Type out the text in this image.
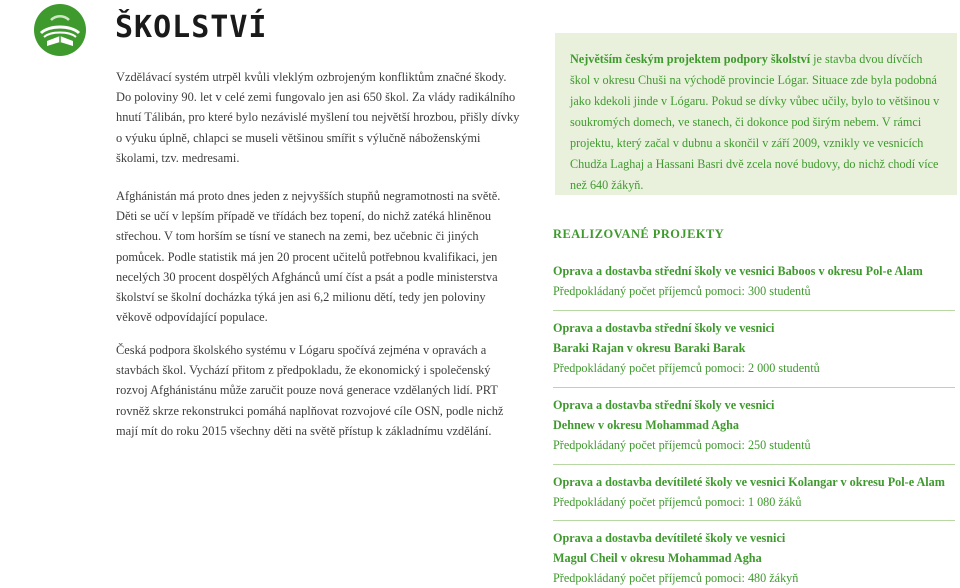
ŠKOLSTVÍ

Vzdělávací systém utrpěl kvůli vleklým ozbrojeným konfliktům značné škody. Do poloviny 90. let v celé zemi fungovalo jen asi 650 škol. Za vlády radikálního hnutí Tálibán, pro které bylo nezávislé myšlení tou největší hrozbou, přišly dívky o výuku úplně, chlapci se museli většinou smířit s výlučně náboženskými školami, tzv. medresami.

Afghánistán má proto dnes jeden z nejvyšších stupňů negramotnosti na světě. Děti se učí v lepším případě ve třídách bez topení, do nichž zatéká hliněnou střechou. V tom horším se tísní ve stanech na zemi, bez učebnic či jiných pomůcek. Podle statistik má jen 20 procent učitelů potřebnou kvalifikaci, jen necelých 30 procent dospělých Afghánců umí číst a psát a podle ministerstva školství se školní docházka týká jen asi 6,2 milionu dětí, tedy jen poloviny věkově odpovídající populace.

Česká podpora školského systému v Lógaru spočívá zejména v opravách a stavbách škol. Vychází přitom z předpokladu, že ekonomický i společenský rozvoj Afghánistánu může zaručit pouze nová generace vzdělaných lidí. PRT rovněž skrze rekonstrukci pomáhá naplňovat rozvojové cíle OSN, podle nichž mají mít do roku 2015 všechny děti na světě přístup k základnímu vzdělání.

Největším českým projektem podpory školství je stavba dvou dívčích škol v okresu Chuši na východě provincie Lógar. Situace zde byla podobná jako kdekoli jinde v Lógaru. Pokud se dívky vůbec učily, bylo to většinou v soukromých domech, ve stanech, či dokonce pod širým nebem. V rámci projektu, který začal v dubnu a skončil v září 2009, vznikly ve vesnicích Chudža Laghaj a Hassani Basri dvě zcela nové budovy, do nichž chodí více než 640 žákyň.

REALIZOVANÉ PROJEKTY
Oprava a dostavba střední školy ve vesnici Baboos v okresu Pol-e Alam
Předpokládaný počet příjemců pomoci: 300 studentů
Oprava a dostavba střední školy ve vesnici
Baraki Rajan v okresu Baraki Barak
Předpokládaný počet příjemců pomoci: 2 000 studentů
Oprava a dostavba střední školy ve vesnici
Dehnew v okresu Mohammad Agha
Předpokládaný počet příjemců pomoci: 250 studentů
Oprava a dostavba devítileté školy ve vesnici Kolangar v okresu Pol-e Alam
Předpokládaný počet příjemců pomoci: 1 080 žáků
Oprava a dostavba devítileté školy ve vesnici
Magul Cheil v okresu Mohammad Agha
Předpokládaný počet příjemců pomoci: 480 žákyň
